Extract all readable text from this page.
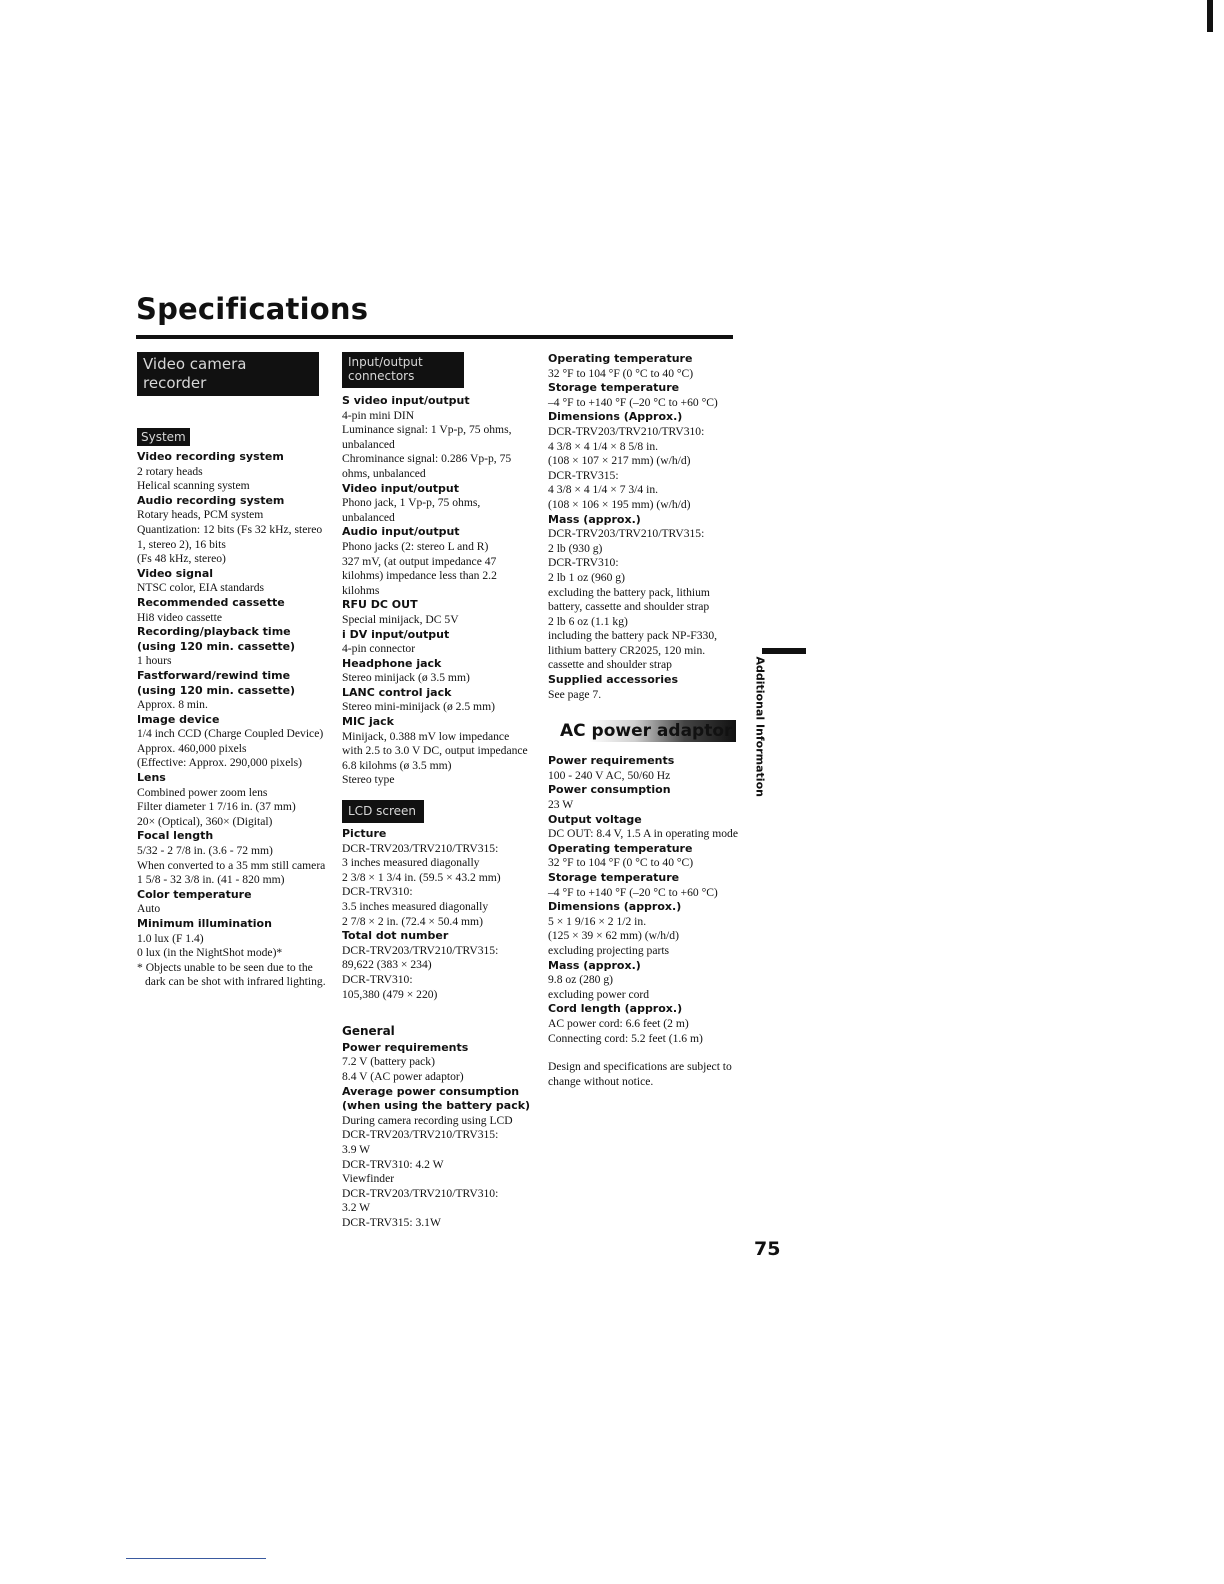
Specifications
Video camera recorder
System
Video recording system
2 rotary heads
Helical scanning system
Audio recording system
Rotary heads, PCM system
Quantization: 12 bits (Fs 32 kHz, stereo 1, stereo 2), 16 bits
(Fs 48 kHz, stereo)
Video signal
NTSC color, EIA standards
Recommended cassette
Hi8 video cassette
Recording/playback time (using 120 min. cassette)
1 hours
Fastforward/rewind time (using 120 min. cassette)
Approx. 8 min.
Image device
1/4 inch CCD (Charge Coupled Device)
Approx. 460,000 pixels
(Effective: Approx. 290,000 pixels)
Lens
Combined power zoom lens
Filter diameter 1 7/16 in. (37 mm)
20× (Optical), 360× (Digital)
Focal length
5/32 - 2 7/8 in. (3.6 - 72 mm)
When converted to a 35 mm still camera
1 5/8 - 32 3/8 in. (41 - 820 mm)
Color temperature
Auto
Minimum illumination
1.0 lux (F 1.4)
0 lux (in the NightShot mode)*
* Objects unable to be seen due to the dark can be shot with infrared lighting.
Input/output connectors
S video input/output
4-pin mini DIN
Luminance signal: 1 Vp-p, 75 ohms, unbalanced
Chrominance signal: 0.286 Vp-p, 75 ohms, unbalanced
Video input/output
Phono jack, 1 Vp-p, 75 ohms, unbalanced
Audio input/output
Phono jacks (2: stereo L and R)
327 mV, (at output impedance 47 kilohms) impedance less than 2.2 kilohms
RFU DC OUT
Special minijack, DC 5V
i DV input/output
4-pin connector
Headphone jack
Stereo minijack (ø 3.5 mm)
LANC control jack
Stereo mini-minijack (ø 2.5 mm)
MIC jack
Minijack, 0.388 mV low impedance with 2.5 to 3.0 V DC, output impedance 6.8 kilohms (ø 3.5 mm)
Stereo type
LCD screen
Picture
DCR-TRV203/TRV210/TRV315:
3 inches measured diagonally
2 3/8 × 1 3/4 in. (59.5 × 43.2 mm)
DCR-TRV310:
3.5 inches measured diagonally
2 7/8 × 2 in. (72.4 × 50.4 mm)
Total dot number
DCR-TRV203/TRV210/TRV315:
89,622 (383 × 234)
DCR-TRV310:
105,380 (479 × 220)
General
Power requirements
7.2 V (battery pack)
8.4 V (AC power adaptor)
Average power consumption (when using the battery pack)
During camera recording using LCD
DCR-TRV203/TRV210/TRV315:
3.9 W
DCR-TRV310: 4.2 W
Viewfinder
DCR-TRV203/TRV210/TRV310:
3.2 W
DCR-TRV315: 3.1W
Operating temperature
32 °F to 104 °F (0 °C to 40 °C)
Storage temperature
–4 °F to +140 °F (–20 °C to +60 °C)
Dimensions (Approx.)
DCR-TRV203/TRV210/TRV310:
4 3/8 × 4 1/4 × 8 5/8 in.
(108 × 107 × 217 mm) (w/h/d)
DCR-TRV315:
4 3/8 × 4 1/4 × 7 3/4 in.
(108 × 106 × 195 mm) (w/h/d)
Mass (approx.)
DCR-TRV203/TRV210/TRV315:
2 lb (930 g)
DCR-TRV310:
2 lb 1 oz (960 g)
excluding the battery pack, lithium battery, cassette and shoulder strap
2 lb 6 oz (1.1 kg)
including the battery pack NP-F330, lithium battery CR2025, 120 min. cassette and shoulder strap
Supplied accessories
See page 7.
AC power adaptor
Power requirements
100 - 240 V AC, 50/60 Hz
Power consumption
23 W
Output voltage
DC OUT: 8.4 V, 1.5 A in operating mode
Operating temperature
32 °F to 104 °F (0 °C to 40 °C)
Storage temperature
–4 °F to +140 °F (–20 °C to +60 °C)
Dimensions (approx.)
5 × 1 9/16 × 2 1/2 in.
(125 × 39 × 62 mm) (w/h/d)
excluding projecting parts
Mass (approx.)
9.8 oz (280 g)
excluding power cord
Cord length (approx.)
AC power cord: 6.6 feet (2 m)
Connecting cord: 5.2 feet (1.6 m)
Design and specifications are subject to change without notice.
Additional Information
75
